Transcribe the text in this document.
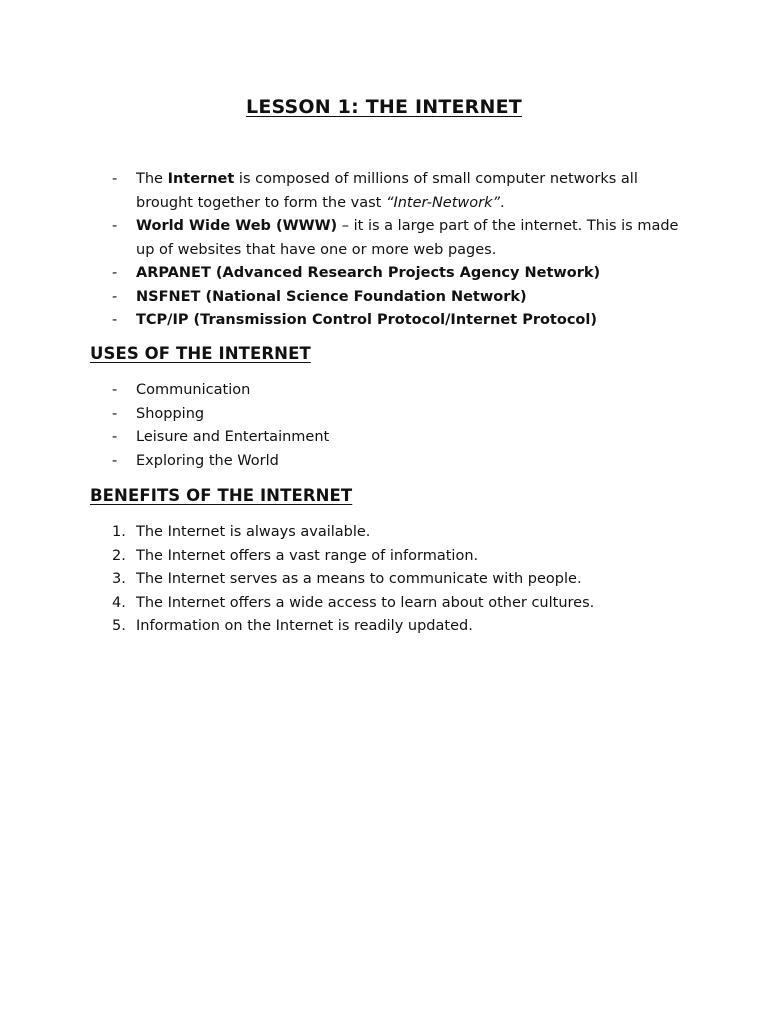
LESSON 1: THE INTERNET
- The Internet is composed of millions of small computer networks all brought together to form the vast “Inter-Network”.
- World Wide Web (WWW) – it is a large part of the internet. This is made up of websites that have one or more web pages.
- ARPANET (Advanced Research Projects Agency Network)
- NSFNET (National Science Foundation Network)
- TCP/IP (Transmission Control Protocol/Internet Protocol)
USES OF THE INTERNET
- Communication
- Shopping
- Leisure and Entertainment
- Exploring the World
BENEFITS OF THE INTERNET
1. The Internet is always available.
2. The Internet offers a vast range of information.
3. The Internet serves as a means to communicate with people.
4. The Internet offers a wide access to learn about other cultures.
5. Information on the Internet is readily updated.
